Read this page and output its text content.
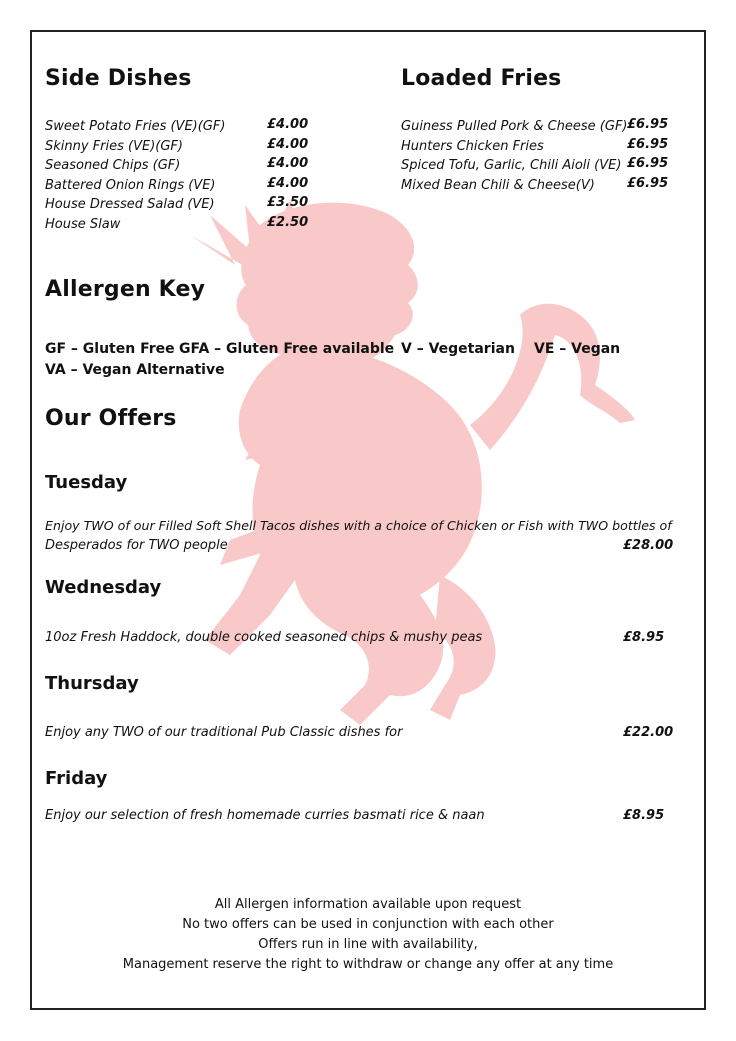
Side Dishes
Sweet Potato Fries (VE)(GF)	£4.00
Skinny Fries (VE)(GF)	£4.00
Seasoned Chips (GF)	£4.00
Battered Onion Rings (VE)	£4.00
House Dressed Salad (VE)	£3.50
House Slaw	£2.50
Loaded Fries
Guiness Pulled Pork & Cheese (GF) £6.95
Hunters Chicken Fries	£6.95
Spiced Tofu, Garlic, Chili Aioli (VE) £6.95
Mixed Bean Chili & Cheese(V) £6.95
Allergen Key
GF – Gluten Free GFA – Gluten Free available V – Vegetarian VE – Vegan
VA – Vegan Alternative
Our Offers
Tuesday
Enjoy TWO of our Filled Soft Shell Tacos dishes with a choice of Chicken or Fish with TWO bottles of
Desperados for TWO people	£28.00
Wednesday
10oz Fresh Haddock, double cooked seasoned chips & mushy peas	£8.95
Thursday
Enjoy any TWO of our traditional Pub Classic dishes for	£22.00
Friday
Enjoy our selection of fresh homemade curries basmati rice & naan	£8.95
All Allergen information available upon request
No two offers can be used in conjunction with each other
Offers run in line with availability,
Management reserve the right to withdraw or change any offer at any time
